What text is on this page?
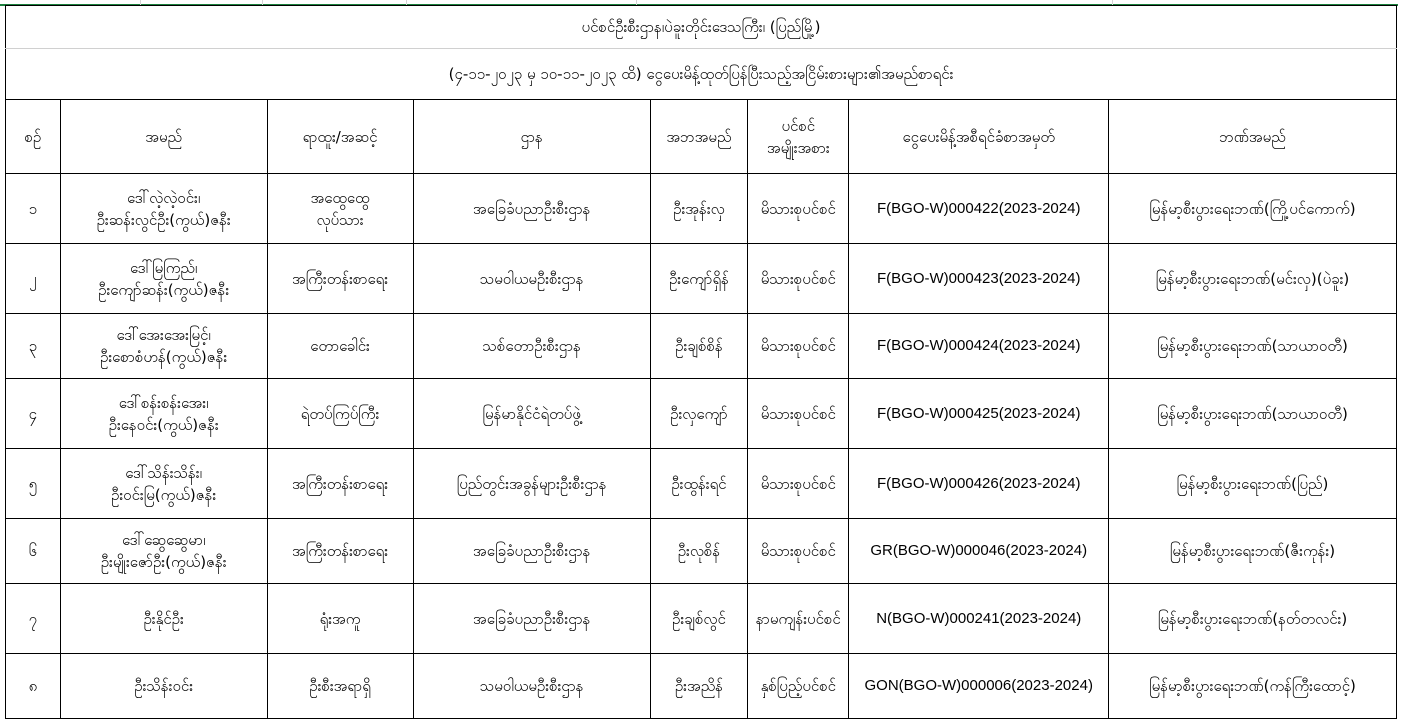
ပင်စင်ဦးစီးဌာန၊ပဲခူးတိုင်းဒေသကြီး၊ (ပြည်မြို့)							
(၄-၁၁-၂၀၂၃ မှ ၁၀-၁၁-၂၀၂၃ ထိ) ငွေပေးမိန့်ထုတ်ပြန်ပြီးသည့်အငြိမ်းစားများ၏အမည်စာရင်း							
စဉ်	အမည်	ရာထူး/အဆင့်	ဌာန	အဘအမည်	ပင်စင်
အမျိုးအစား	ငွေပေးမိန့်အစီရင်ခံစာအမှတ်	ဘဏ်အမည်
၁	ဒေါ်လဲ့လဲ့ဝင်း၊
ဦးဆန်းလွင်ဦး(ကွယ်)ဇနီး	အထွေထွေ
လုပ်သား	အခြေခံပညာဦးစီးဌာန	ဦးအုန်းလှ	မိသားစုပင်စင်	F(BGO-W)000422(2023-2024)	မြန်မာ့စီးပွားရေးဘဏ်(ကြို့ပင်ကောက်)
၂	ဒေါ်မြကြည်၊
ဦးကျော်ဆန်း(ကွယ်)ဇနီး	အကြီးတန်းစာရေး	သမဝါယမဦးစီးဌာန	ဦးကျော်ရှိန်	မိသားစုပင်စင်	F(BGO-W)000423(2023-2024)	မြန်မာ့စီးပွားရေးဘဏ်(မင်းလှ)(ပဲခူး)
၃	ဒေါ်အေးအေးမြင့်၊
ဦးစောစံဟန်(ကွယ်)ဇနီး	တောခေါင်း	သစ်တောဦးစီးဌာန	ဦးချစ်စိန်	မိသားစုပင်စင်	F(BGO-W)000424(2023-2024)	မြန်မာ့စီးပွားရေးဘဏ်(သာယာဝတီ)
၄	ဒေါ်စန်းစန်းအေး၊
ဦးနေဝင်း(ကွယ်)ဇနီး	ရဲတပ်ကြပ်ကြီး	မြန်မာနိုင်ငံရဲတပ်ဖွဲ့	ဦးလှကျော်	မိသားစုပင်စင်	F(BGO-W)000425(2023-2024)	မြန်မာ့စီးပွားရေးဘဏ်(သာယာဝတီ)
၅	ဒေါ်သိန်းသိန်း၊
ဦးဝင်းမြ(ကွယ်)ဇနီး	အကြီးတန်းစာရေး	ပြည်တွင်းအခွန်များဦးစီးဌာန	ဦးထွန်းရင်	မိသားစုပင်စင်	F(BGO-W)000426(2023-2024)	မြန်မာ့စီးပွားရေးဘဏ်(ပြည်)
၆	ဒေါ်ဆွေဆွေမာ၊
ဦးမျိုးဇော်ဦး(ကွယ်)ဇနီး	အကြီးတန်းစာရေး	အခြေခံပညာဦးစီးဌာန	ဦးလုစိန်	မိသားစုပင်စင်	GR(BGO-W)000046(2023-2024)	မြန်မာ့စီးပွားရေးဘဏ်(ဇီးကုန်း)
၇	ဦးနိုင်ဦး	ရုံးအကူ	အခြေခံပညာဦးစီးဌာန	ဦးချစ်လွင်	နာမကျန်းပင်စင်	N(BGO-W)000241(2023-2024)	မြန်မာ့စီးပွားရေးဘဏ်(နတ်တလင်း)
၈	ဦးသိန်းဝင်း	ဦးစီးအရာရှိ	သမဝါယမဦးစီးဌာန	ဦးအညိန်	နှစ်ပြည့်ပင်စင်	GON(BGO-W)000006(2023-2024)	မြန်မာ့စီးပွားရေးဘဏ်(ကန်ကြီးထောင့်)
